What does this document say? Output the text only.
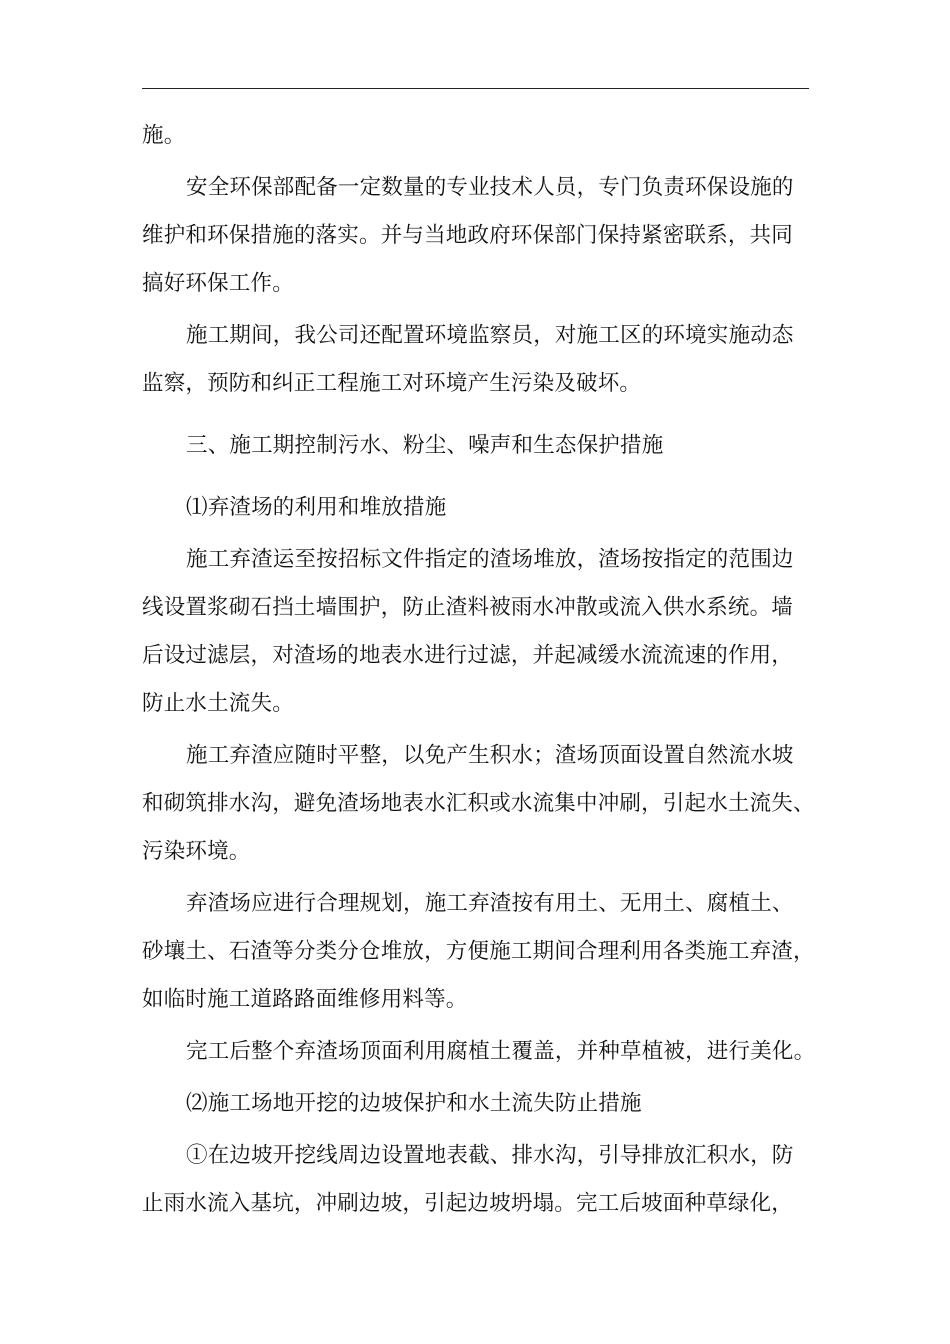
施。
安全环保部配备一定数量的专业技术人员，专门负责环保设施的
维护和环保措施的落实。并与当地政府环保部门保持紧密联系，共同
搞好环保工作。
施工期间，我公司还配置环境监察员，对施工区的环境实施动态
监察，预防和纠正工程施工对环境产生污染及破坏。
三、施工期控制污水、粉尘、噪声和生态保护措施
⑴弃渣场的利用和堆放措施
施工弃渣运至按招标文件指定的渣场堆放，渣场按指定的范围边
线设置浆砌石挡土墙围护，防止渣料被雨水冲散或流入供水系统。墙
后设过滤层，对渣场的地表水进行过滤，并起减缓水流流速的作用，
防止水土流失。
施工弃渣应随时平整，以免产生积水；渣场顶面设置自然流水坡
和砌筑排水沟，避免渣场地表水汇积或水流集中冲刷，引起水土流失、
污染环境。
弃渣场应进行合理规划，施工弃渣按有用土、无用土、腐植土、
砂壤土、石渣等分类分仓堆放，方便施工期间合理利用各类施工弃渣，
如临时施工道路路面维修用料等。
完工后整个弃渣场顶面利用腐植土覆盖，并种草植被，进行美化。
⑵施工场地开挖的边坡保护和水土流失防止措施
①在边坡开挖线周边设置地表截、排水沟，引导排放汇积水，防
止雨水流入基坑，冲刷边坡，引起边坡坍塌。完工后坡面种草绿化，
